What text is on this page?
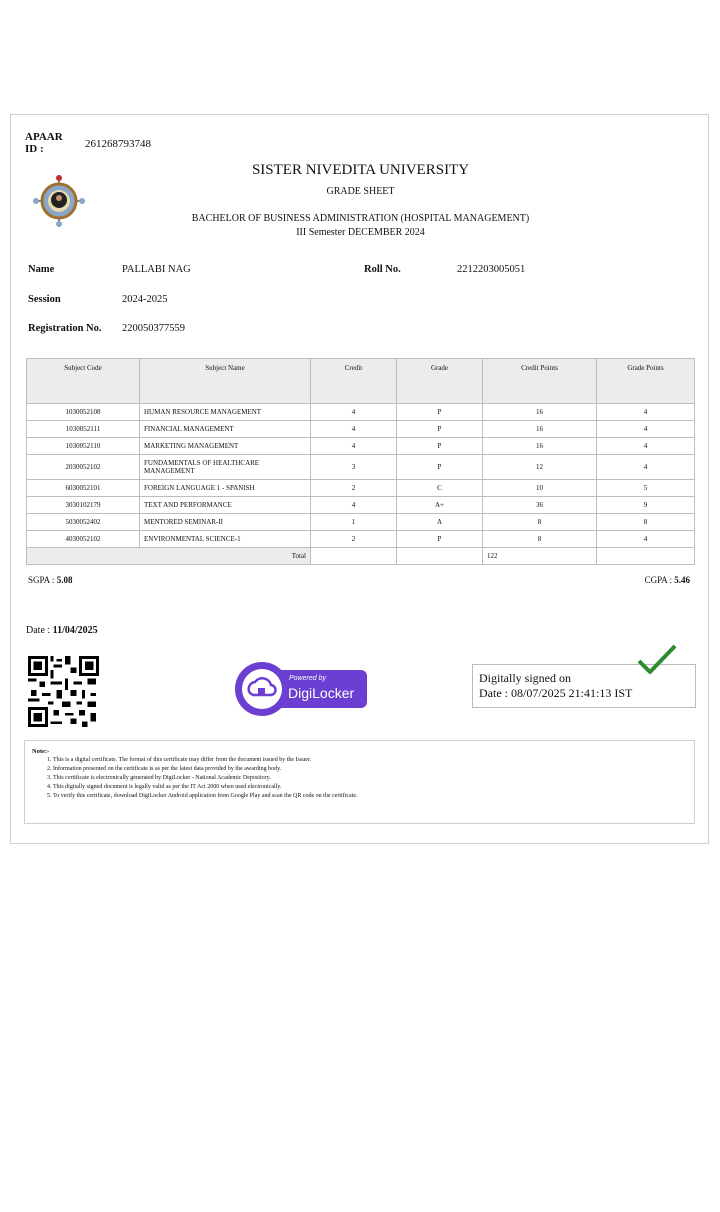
APAAR ID :	261268793748
SISTER NIVEDITA UNIVERSITY
GRADE SHEET
BACHELOR OF BUSINESS ADMINISTRATION (HOSPITAL MANAGEMENT)
III Semester DECEMBER 2024
Name	PALLABI NAG	Roll No.	2212203005051
Session	2024-2025
Registration No. 220050377559
Subject Code	Subject Name	Credit	Grade	Credit Points	Grade Points
1030052108	HUMAN RESOURCE MANAGEMENT	4	P	16	4
1030052111	FINANCIAL MANAGEMENT	4	P	16	4
1030052110	MARKETING MANAGEMENT	4	P	16	4
2030052102	FUNDAMENTALS OF HEALTHCARE MANAGEMENT	3	P	12	4
6030052101	FOREIGN LANGUAGE 1 - SPANISH	2	C	10	5
3030102179	TEXT AND PERFORMANCE	4	A+	36	9
5030052402	MENTORED SEMINAR-II	1	A	8	8
4030052102	ENVIRONMENTAL SCIENCE-1	2	P	8	4
Total				122	
SGPA : 5.08	CGPA : 5.46
Date : 11/04/2025
Powered by
DigiLocker
Digitally signed on
Date : 08/07/2025 21:41:13 IST
Note:-
1. This is a digital certificate. The format of this certificate may differ from the document issued by the Issuer.
2. Information presented on the certificate is as per the latest data provided by the awarding body.
3. This certificate is electronically generated by DigiLocker - National Academic Depository.
4. This digitally signed document is legally valid as per the IT Act 2000 when used electronically.
5. To verify this certificate, download DigiLocker Android application from Google Play and scan the QR code on the certificate.
